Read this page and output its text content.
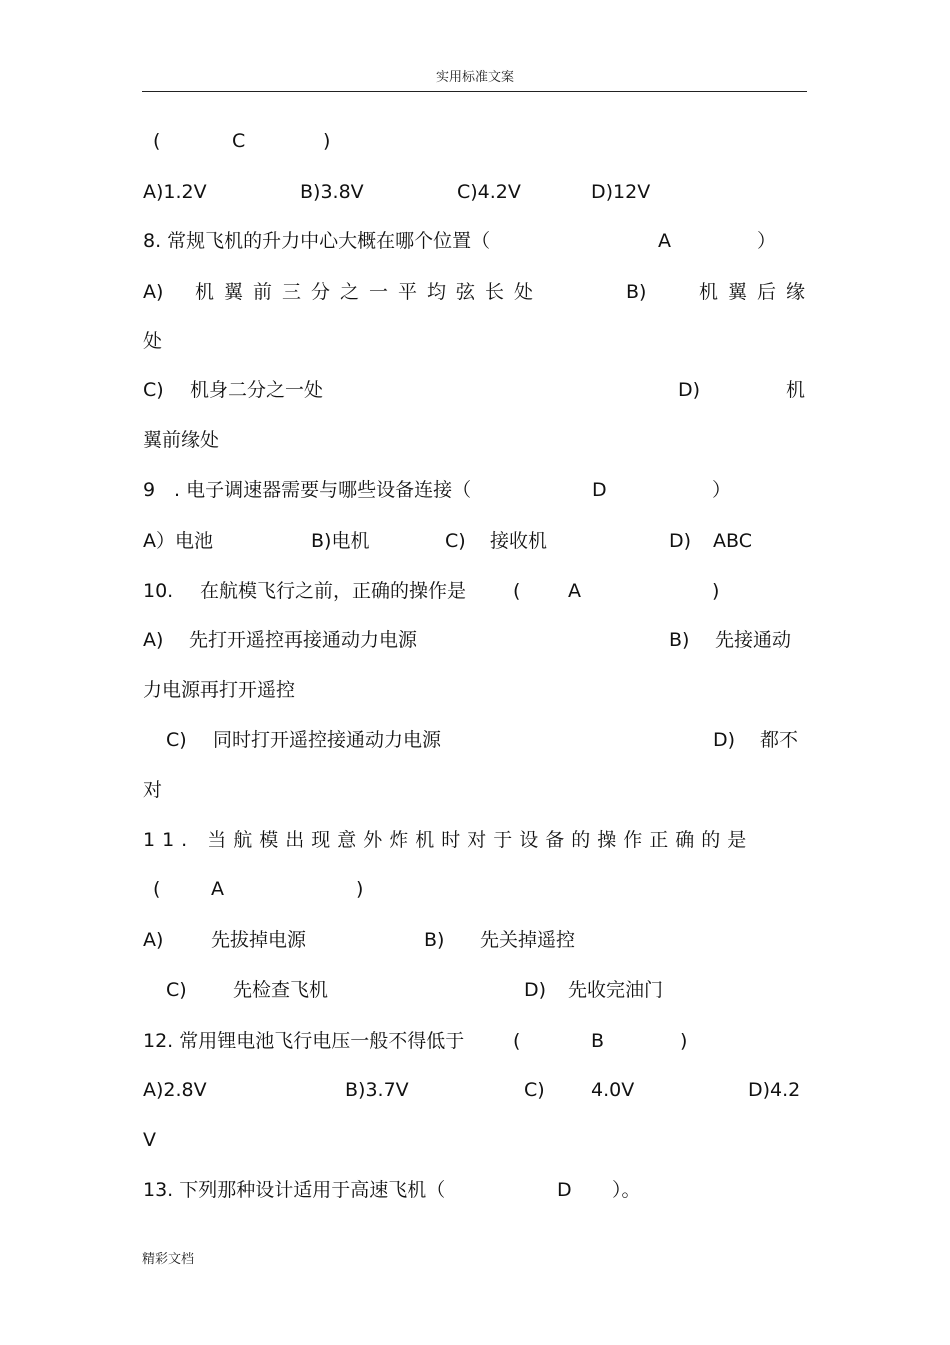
实用标准文案
(	C	)
A)1.2V	B)3.8V	C)4.2V	D)12V
8. 常规飞机的升力中心大概在哪个位置（	A	）
A) 机翼前三分之一平均弦长处	B)	机翼后缘
处
C) 机身二分之一处	D)	机
翼前缘处
9 . 电子调速器需要与哪些设备连接（	D	）
A）电池	B)电机	C) 接收机	D) ABC
10. 在航模飞行之前，正确的操作是 (	A	)
A) 先打开遥控再接通动力电源	B) 先接通动
力电源再打开遥控
C) 同时打开遥控接通动力电源	D) 都不
对
11. 当航模出现意外炸机时对于设备的操作正确的是
(	A	)
A)	先拔掉电源	B) 先关掉遥控
C) 先检查飞机	D) 先收完油门
12. 常用锂电池飞行电压一般不得低于	(	B	)
A)2.8V	B)3.7V	C) 4.0V	D)4.2
V
13. 下列那种设计适用于高速飞机（	D ）。
精彩文档
